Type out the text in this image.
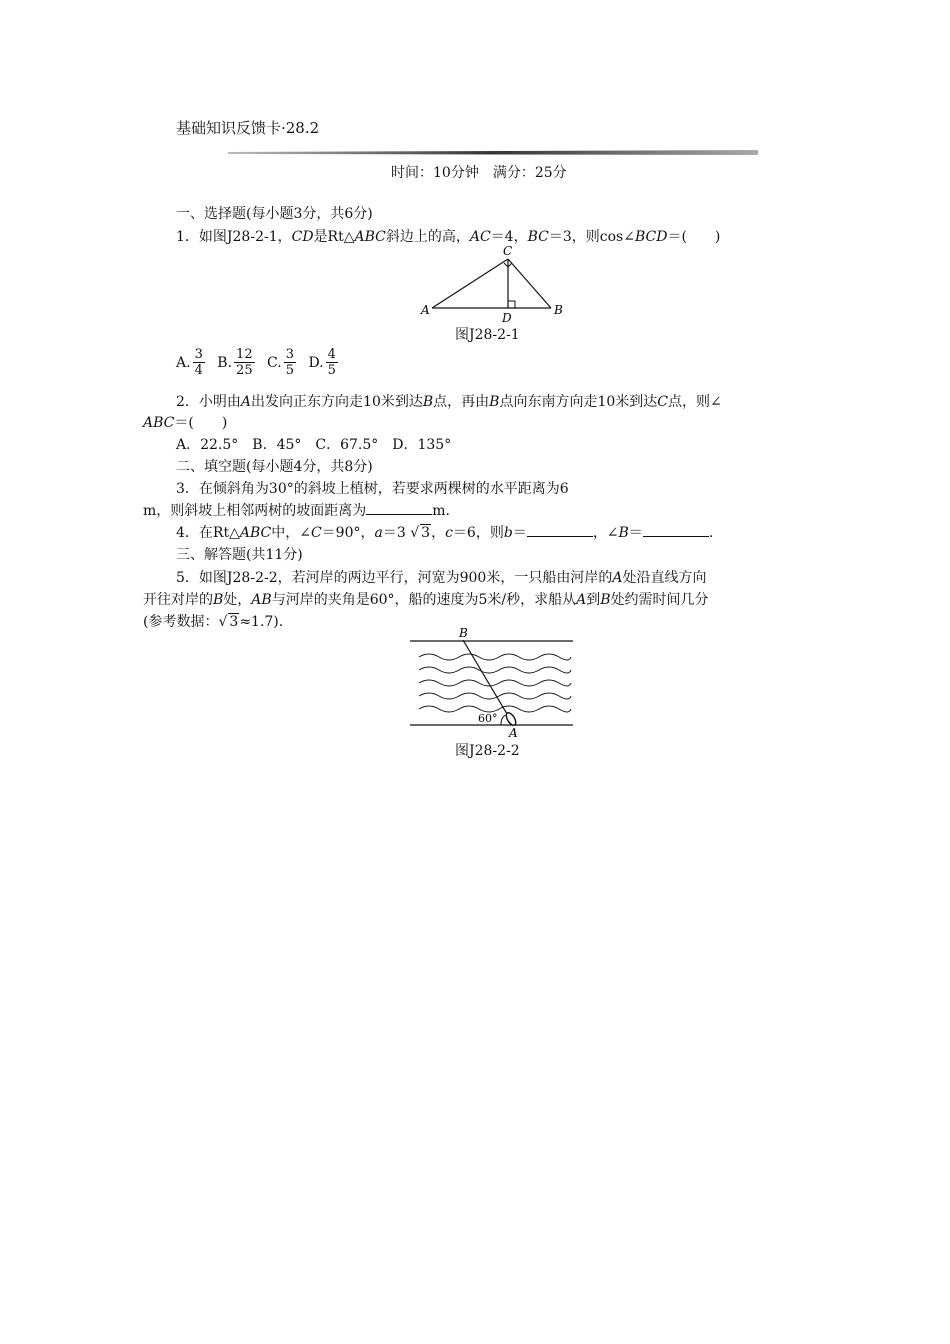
基础知识反馈卡·28.2
时间：10分钟　满分：25分
一、选择题(每小题3分，共6分)
1．如图J28-2-1，CD是Rt△ABC斜边上的高，AC＝4，BC＝3，则cos∠BCD＝(　　)
C
A	B
D
图J28-2-1
A. $\frac{3}{4} B$. $\frac{12}{25} C$. $\frac{3}{5} D$. $\frac{4}{5}$
2．小明由A出发向正东方向走10米到达B点，再由B点向东南方向走10米到达C点，则∠
ABC＝(　　)
A．22.5°　B．45°　C．67.5°　D．135°
二、填空题(每小题4分，共8分)
3．在倾斜角为30°的斜坡上植树，若要求两棵树的水平距离为6
m，则斜坡上相邻两树的坡面距离为	m.
4．在Rt△ABC中，∠C＝90°，a＝3 √ 3，c＝6，则b＝	，∠B＝	.
三、解答题(共11分)
5．如图J28-2-2，若河岸的两边平行，河宽为900米，一只船由河岸的A处沿直线方向
开往对岸的B处，AB与河岸的夹角是60°，船的速度为5米/秒，求船从A到B处约需时间几分
(参考数据：√ 3≈1.7).
60°
B
A
图J28-2-2
